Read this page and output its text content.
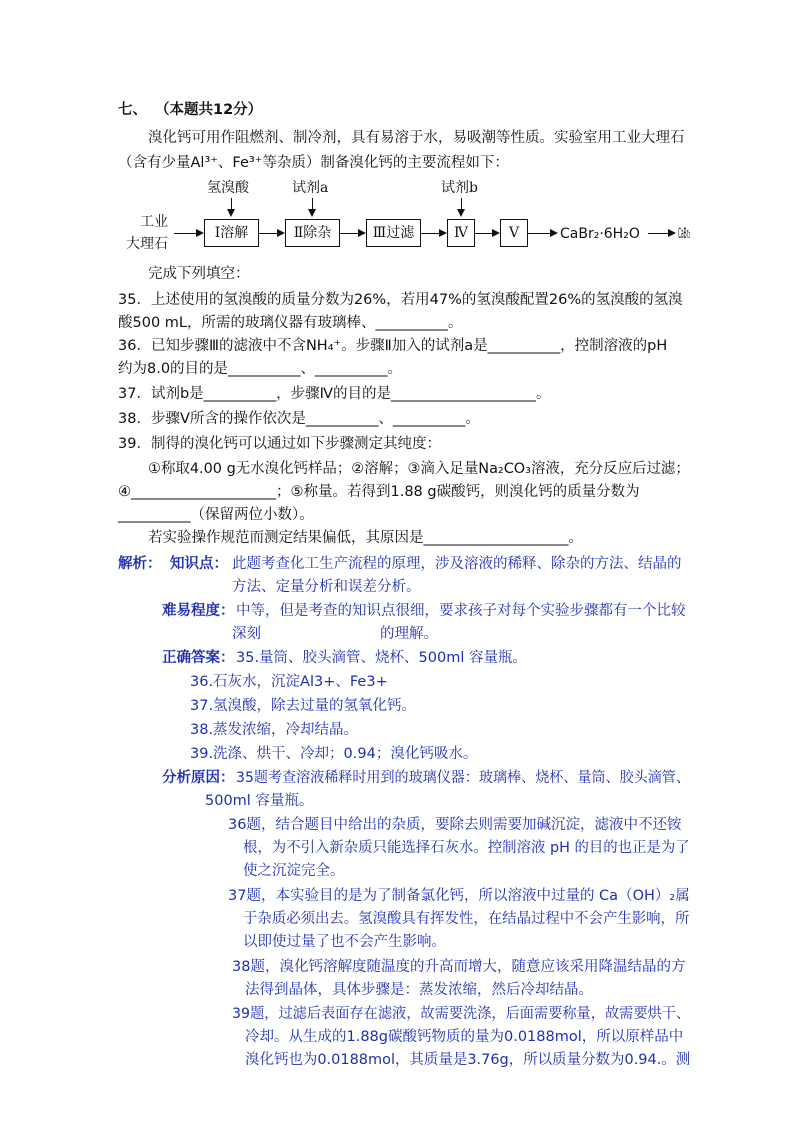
七、 （本题共12分）
溴化钙可用作阻燃剂、制冷剂，具有易溶于水，易吸潮等性质。实验室用工业大理石
（含有少量Al³⁺、Fe³⁺等杂质）制备溴化钙的主要流程如下：
工业
大理石
氢溴酸	试剂a	试剂b
Ⅰ溶解	Ⅱ除杂	Ⅲ过滤	Ⅳ	Ⅴ	CaBr₂·6H₂O	CaBr₂
完成下列填空：
35．上述使用的氢溴酸的质量分数为26%，若用47%的氢溴酸配置26%的氢溴酸的氢溴
酸500 mL，所需的玻璃仪器有玻璃棒、__________。
36．已知步骤Ⅲ的滤液中不含NH₄⁺。步骤Ⅱ加入的试剂a是__________，控制溶液的pH
约为8.0的目的是__________、__________。
37．试剂b是__________，步骤Ⅳ的目的是____________________。
38．步骤Ⅴ所含的操作依次是__________、__________。
39．制得的溴化钙可以通过如下步骤测定其纯度：
①称取4.00 g无水溴化钙样品；②溶解；③滴入足量Na₂CO₃溶液，充分反应后过滤；
④____________________；⑤称量。若得到1.88 g碳酸钙，则溴化钙的质量分数为
__________（保留两位小数）。
若实验操作规范而测定结果偏低，其原因是____________________。
解析： 知识点： 此题考查化工生产流程的原理，涉及溶液的稀释、除杂的方法、结晶的
方法、定量分析和误差分析。
难易程度： 中等，但是考查的知识点很细，要求孩子对每个实验步骤都有一个比较
深刻	的理解。
正确答案： 35.量筒、胶头滴管、烧杯、500ml 容量瓶。
36.石灰水，沉淀Al3+、Fe3+
37.氢溴酸，除去过量的氢氧化钙。
38.蒸发浓缩，冷却结晶。
39.洗涤、烘干、冷却；0.94；溴化钙吸水。
分析原因： 35题考查溶液稀释时用到的玻璃仪器：玻璃棒、烧杯、量筒、胶头滴管、
500ml 容量瓶。
36题，结合题目中给出的杂质，要除去则需要加碱沉淀，滤液中不还铵
根，为不引入新杂质只能选择石灰水。控制溶液 pH 的目的也正是为了
使之沉淀完全。
37题，本实验目的是为了制备氯化钙，所以溶液中过量的 Ca（OH）₂属
于杂质必须出去。氢溴酸具有挥发性，在结晶过程中不会产生影响，所
以即使过量了也不会产生影响。
38题，溴化钙溶解度随温度的升高而增大，随意应该采用降温结晶的方
法得到晶体，具体步骤是：蒸发浓缩，然后冷却结晶。
39题，过滤后表面存在滤液，故需要洗涤，后面需要称量，故需要烘干、
冷却。从生成的1.88g碳酸钙物质的量为0.0188mol，所以原样品中
溴化钙也为0.0188mol，其质量是3.76g，所以质量分数为0.94.。测
